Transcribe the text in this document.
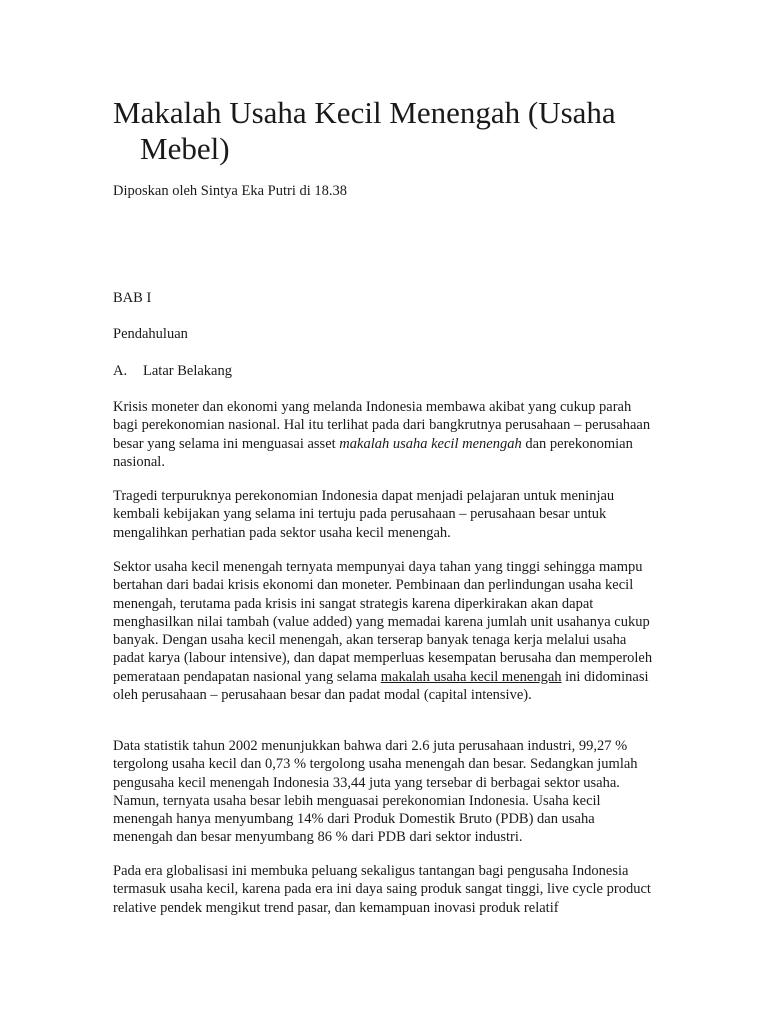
Makalah Usaha Kecil Menengah (Usaha Mebel)

Diposkan oleh Sintya Eka Putri di 18.38

BAB I

Pendahuluan

A. Latar Belakang

Krisis moneter dan ekonomi yang melanda Indonesia membawa akibat yang cukup parah bagi perekonomian nasional. Hal itu terlihat pada dari bangkrutnya perusahaan – perusahaan besar yang selama ini menguasai asset makalah usaha kecil menengah dan perekonomian nasional.

Tragedi terpuruknya perekonomian Indonesia dapat menjadi pelajaran untuk meninjau kembali kebijakan yang selama ini tertuju pada perusahaan – perusahaan besar untuk mengalihkan perhatian pada sektor usaha kecil menengah.

Sektor usaha kecil menengah ternyata mempunyai daya tahan yang tinggi sehingga mampu bertahan dari badai krisis ekonomi dan moneter. Pembinaan dan perlindungan usaha kecil menengah, terutama pada krisis ini sangat strategis karena diperkirakan akan dapat menghasilkan nilai tambah (value added) yang memadai karena jumlah unit usahanya cukup banyak. Dengan usaha kecil menengah, akan terserap banyak tenaga kerja melalui usaha padat karya (labour intensive), dan dapat memperluas kesempatan berusaha dan memperoleh pemerataan pendapatan nasional yang selama makalah usaha kecil menengah ini didominasi oleh perusahaan – perusahaan besar dan padat modal (capital intensive).

Data statistik tahun 2002 menunjukkan bahwa dari 2.6 juta perusahaan industri, 99,27 % tergolong usaha kecil dan 0,73 % tergolong usaha menengah dan besar. Sedangkan jumlah pengusaha kecil menengah Indonesia 33,44 juta yang tersebar di berbagai sektor usaha. Namun, ternyata usaha besar lebih menguasai perekonomian Indonesia. Usaha kecil menengah hanya menyumbang 14% dari Produk Domestik Bruto (PDB) dan usaha menengah dan besar menyumbang 86 % dari PDB dari sektor industri.

Pada era globalisasi ini membuka peluang sekaligus tantangan bagi pengusaha Indonesia termasuk usaha kecil, karena pada era ini daya saing produk sangat tinggi, live cycle product relative pendek mengikut trend pasar, dan kemampuan inovasi produk relatif
